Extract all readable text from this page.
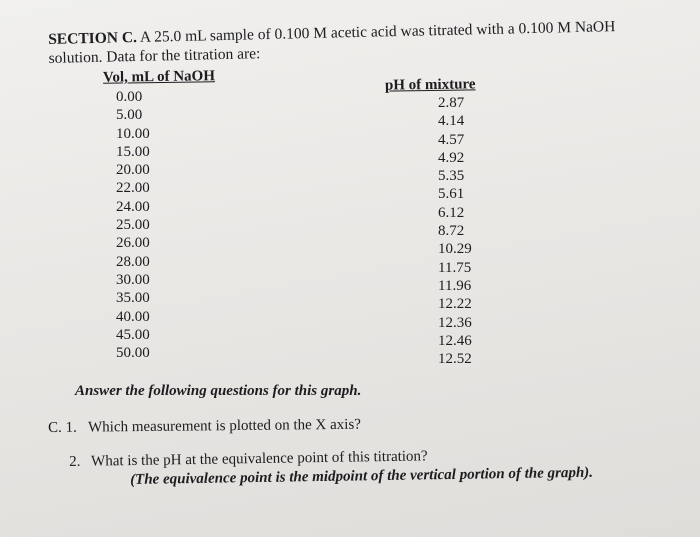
SECTION C. A 25.0 mL sample of 0.100 M acetic acid was titrated with a 0.100 M NaOH
solution. Data for the titration are:
Vol, mL of NaOH	pH of mixture
0.00
5.00
10.00
15.00
20.00
22.00
24.00
25.00
26.00
28.00
30.00
35.00
40.00
45.00
50.00
2.87
4.14
4.57
4.92
5.35
5.61
6.12
8.72
10.29
11.75
11.96
12.22
12.36
12.46
12.52
Answer the following questions for this graph.
C. 1. Which measurement is plotted on the X axis?
2. What is the pH at the equivalence point of this titration?
(The equivalence point is the midpoint of the vertical portion of the graph).
